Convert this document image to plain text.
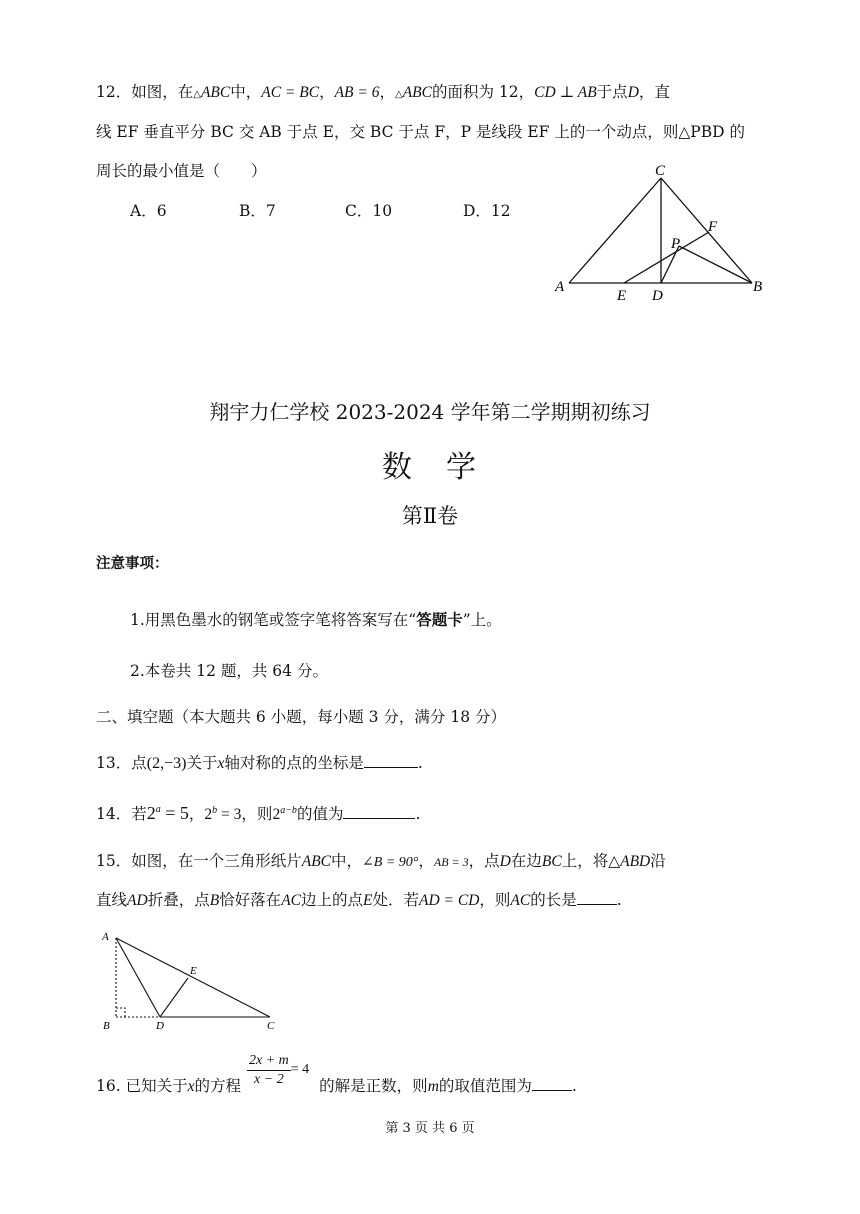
12．如图，在△ABC中，AC = BC，AB = 6，△ABC的面积为 12，CD ⊥ AB于点D，直
线 EF 垂直平分 BC 交 AB 于点 E，交 BC 于点 F，P 是线段 EF 上的一个动点，则△PBD 的
周长的最小值是（　　）
A．6	B．7	C．10	D．12
C
A	B
E D
F
P
翔宇力仁学校 2023-2024 学年第二学期期初练习
数　学
第Ⅱ卷
注意事项：
1.用黑色墨水的钢笔或签字笔将答案写在“答题卡”上。
2.本卷共 12 题，共 64 分。
二、填空题（本大题共 6 小题，每小题 3 分，满分 18 分）
13．点(2,−3)关于x轴对称的点的坐标是	.
14．若$2^a = 5$，$2^b = 3$，则$2^{a-b}$的值为	.
15．如图，在一个三角形纸片ABC中，∠B = 90°，AB = 3，点D在边BC上，将△ABD沿
直线AD折叠，点B恰好落在AC边上的点E处．若AD = CD，则AC的长是	.
A
B	D	C
E
16. 已知关于x的方程 $\frac{2x + m}{x - 2} = 4$的解是正数，则m的取值范围为	.
第 3 页 共 6 页
